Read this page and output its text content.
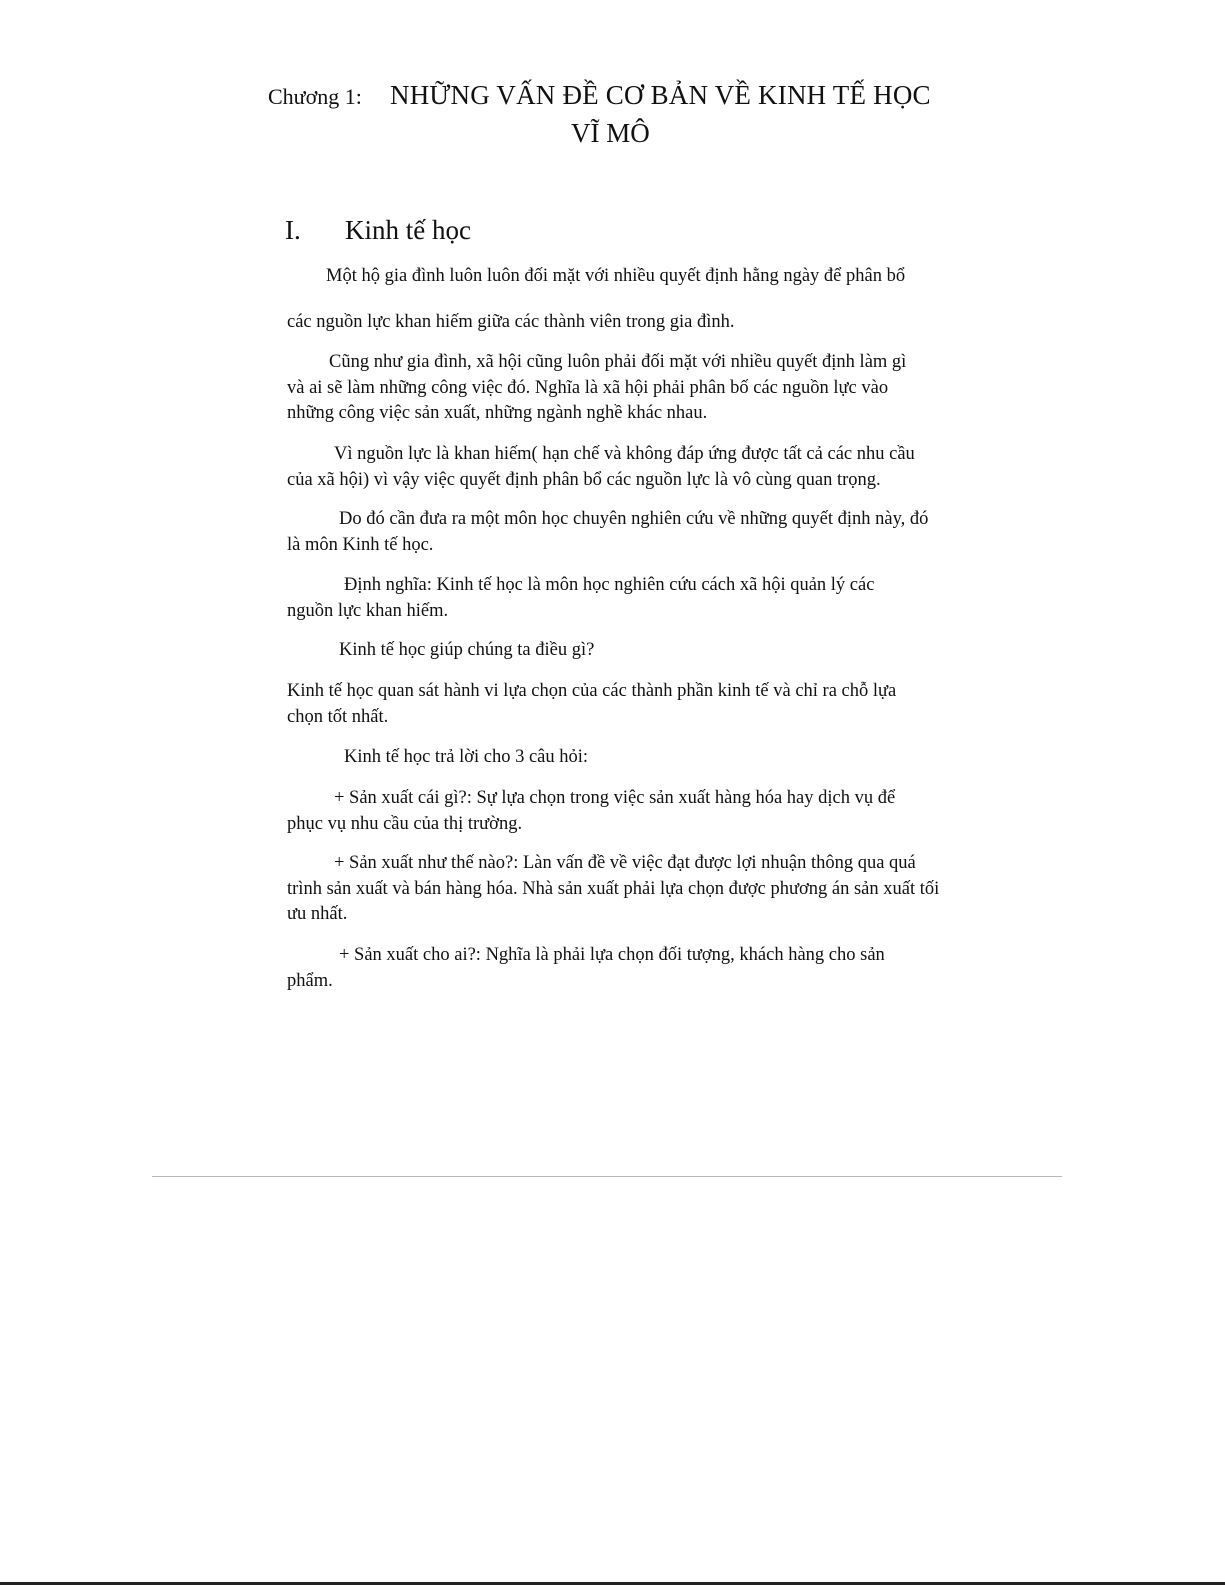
Chương 1: NHỮNG VẤN ĐỀ CƠ BẢN VỀ KINH TẾ HỌC
VĨ MÔ
I. Kinh tế học
Một hộ gia đình luôn luôn đối mặt với nhiều quyết định hằng ngày để phân bổ
các nguồn lực khan hiếm giữa các thành viên trong gia đình.
Cũng như gia đình, xã hội cũng luôn phải đối mặt với nhiều quyết định làm gì
và ai sẽ làm những công việc đó. Nghĩa là xã hội phải phân bố các nguồn lực vào những công việc sản xuất, những ngành nghề khác nhau.
Vì nguồn lực là khan hiếm( hạn chế và không đáp ứng được tất cả các nhu cầu
của xã hội) vì vậy việc quyết định phân bổ các nguồn lực là vô cùng quan trọng.
Do đó cần đưa ra một môn học chuyên nghiên cứu về những quyết định này, đó
là môn Kinh tế học.
Định nghĩa: Kinh tế học là môn học nghiên cứu cách xã hội quản lý các
nguồn lực khan hiếm.
Kinh tế học giúp chúng ta điều gì?
Kinh tế học quan sát hành vi lựa chọn của các thành phần kinh tế và chỉ ra chỗ lựa
chọn tốt nhất.
Kinh tế học trả lời cho 3 câu hỏi:
+ Sản xuất cái gì?: Sự lựa chọn trong việc sản xuất hàng hóa hay dịch vụ để
phục vụ nhu cầu của thị trường.
+ Sản xuất như thế nào?: Làn vấn đề về việc đạt được lợi nhuận thông qua quá
trình sản xuất và bán hàng hóa. Nhà sản xuất phải lựa chọn được phương án sản xuất tối ưu nhất.
+ Sản xuất cho ai?: Nghĩa là phải lựa chọn đối tượng, khách hàng cho sản
phẩm.
